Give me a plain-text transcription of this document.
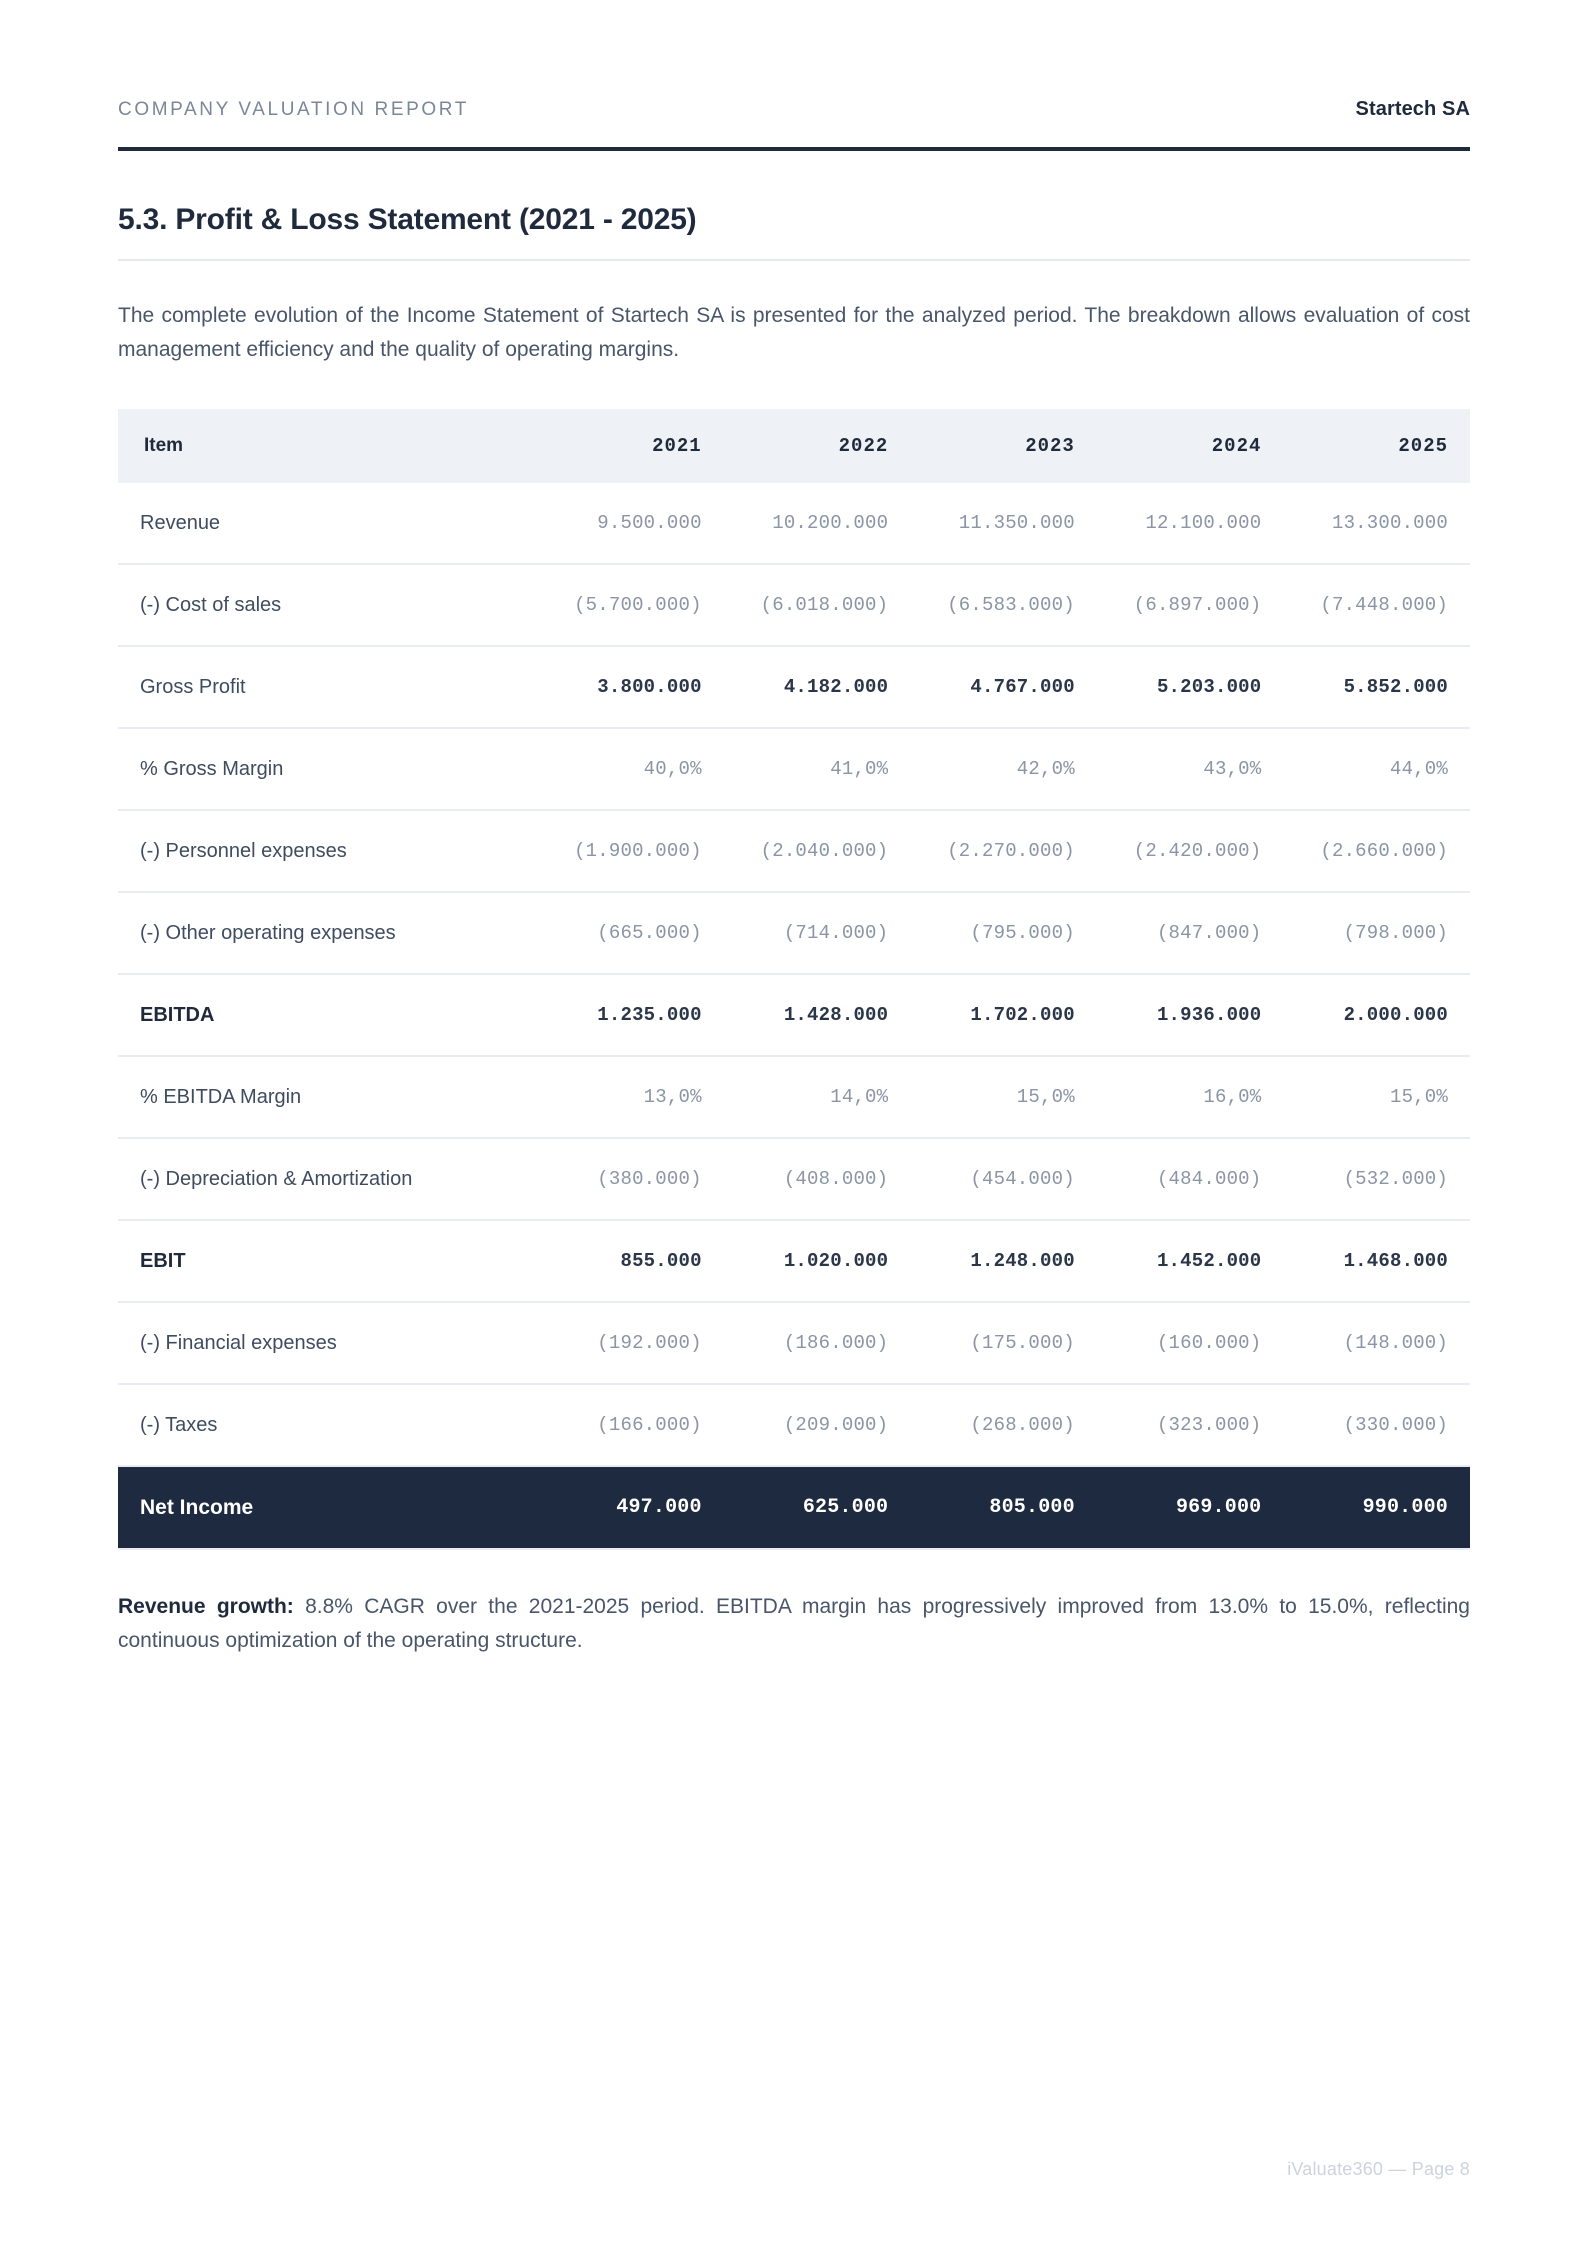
COMPANY VALUATION REPORT	Startech SA
5.3. Profit & Loss Statement (2021 - 2025)

The complete evolution of the Income Statement of Startech SA is presented for the analyzed period. The breakdown allows evaluation of cost management efficiency and the quality of operating margins.

Item	2021	2022	2023	2024	2025
Revenue	9.500.000	10.200.000	11.350.000	12.100.000	13.300.000
(-) Cost of sales	(5.700.000)	(6.018.000)	(6.583.000)	(6.897.000)	(7.448.000)
Gross Profit	3.800.000	4.182.000	4.767.000	5.203.000	5.852.000
% Gross Margin	40,0%	41,0%	42,0%	43,0%	44,0%
(-) Personnel expenses	(1.900.000)	(2.040.000)	(2.270.000)	(2.420.000)	(2.660.000)
(-) Other operating expenses	(665.000)	(714.000)	(795.000)	(847.000)	(798.000)
EBITDA	1.235.000	1.428.000	1.702.000	1.936.000	2.000.000
% EBITDA Margin	13,0%	14,0%	15,0%	16,0%	15,0%
(-) Depreciation & Amortization	(380.000)	(408.000)	(454.000)	(484.000)	(532.000)
EBIT	855.000	1.020.000	1.248.000	1.452.000	1.468.000
(-) Financial expenses	(192.000)	(186.000)	(175.000)	(160.000)	(148.000)
(-) Taxes	(166.000)	(209.000)	(268.000)	(323.000)	(330.000)
Net Income	497.000	625.000	805.000	969.000	990.000

Revenue growth: 8.8% CAGR over the 2021-2025 period. EBITDA margin has progressively improved from 13.0% to 15.0%, reflecting continuous optimization of the operating structure.

iValuate360 — Page 8
